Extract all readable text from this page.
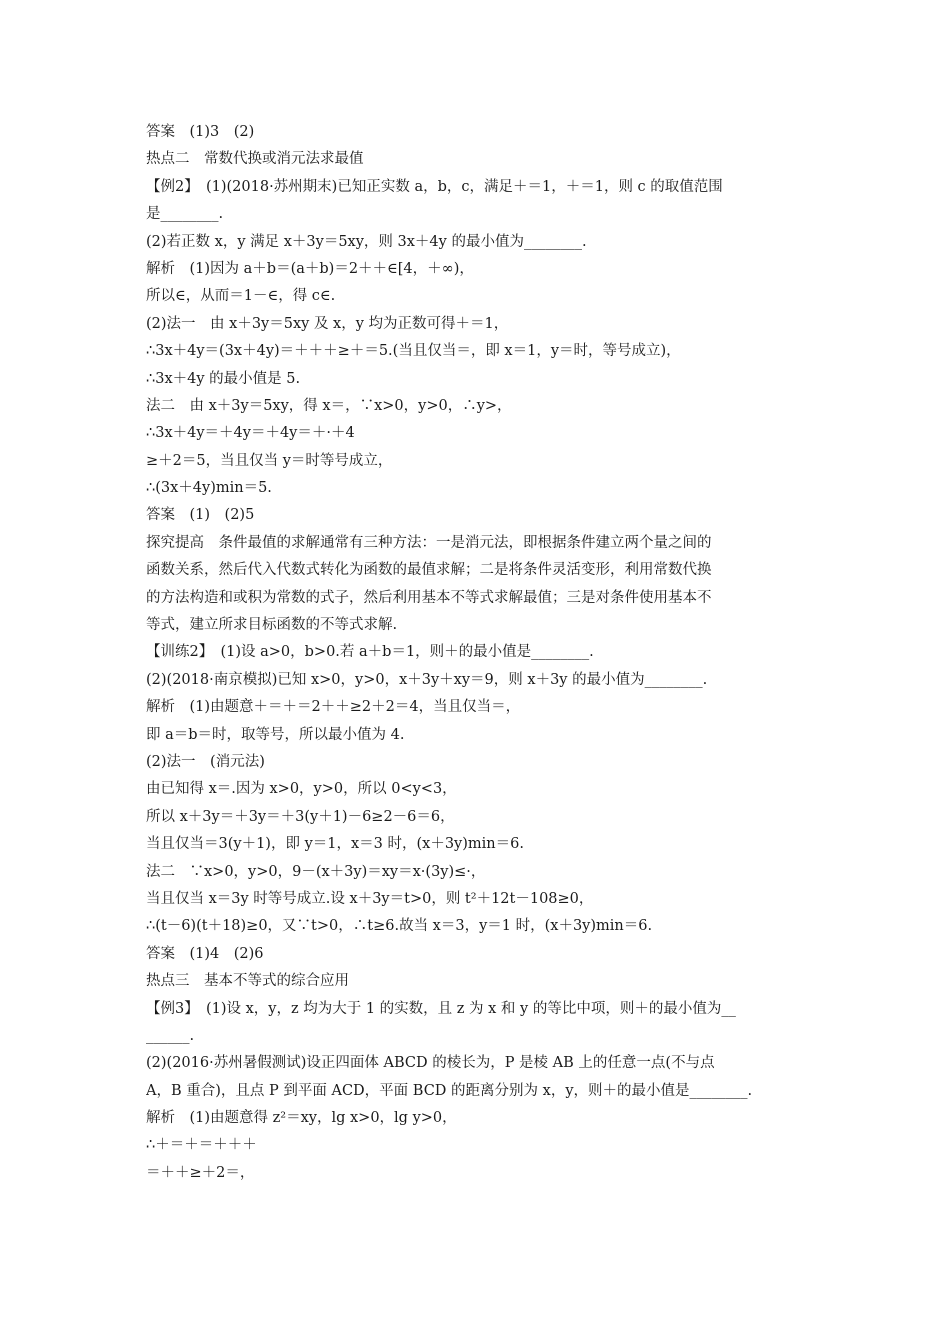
答案　(1)3　(2)
热点二　常数代换或消元法求最值
【例2】　(1)(2018·苏州期末)已知正实数 a，b，c，满足＋＝1，＋＝1，则 c 的取值范围
是________.
(2)若正数 x，y 满足 x＋3y＝5xy，则 3x＋4y 的最小值为________.
解析　(1)因为 a＋b＝(a＋b)＝2＋＋∈[4，＋∞)，
所以∈，从而＝1－∈，得 c∈.
(2)法一　由 x＋3y＝5xy 及 x，y 均为正数可得＋＝1，
∴3x＋4y＝(3x＋4y)＝＋＋＋≥＋＝5.(当且仅当＝，即 x＝1，y＝时，等号成立)，
∴3x＋4y 的最小值是 5.
法二　由 x＋3y＝5xy，得 x＝，∵x>0，y>0，∴y>，
∴3x＋4y＝＋4y＝＋4y＝＋·＋4
≥＋2＝5，当且仅当 y＝时等号成立，
∴(3x＋4y)min＝5.
答案　(1)　(2)5
探究提高　条件最值的求解通常有三种方法：一是消元法，即根据条件建立两个量之间的
函数关系，然后代入代数式转化为函数的最值求解；二是将条件灵活变形，利用常数代换
的方法构造和或积为常数的式子，然后利用基本不等式求解最值；三是对条件使用基本不
等式，建立所求目标函数的不等式求解.
【训练2】　(1)设 a>0，b>0.若 a＋b＝1，则＋的最小值是________.
(2)(2018·南京模拟)已知 x>0，y>0，x＋3y＋xy＝9，则 x＋3y 的最小值为________.
解析　(1)由题意＋＝＋＝2＋＋≥2＋2＝4，当且仅当＝，
即 a＝b＝时，取等号，所以最小值为 4.
(2)法一　(消元法)
由已知得 x＝.因为 x>0，y>0，所以 0<y<3，
所以 x＋3y＝＋3y＝＋3(y＋1)－6≥2－6＝6，
当且仅当＝3(y＋1)，即 y＝1，x＝3 时，(x＋3y)min＝6.
法二　∵x>0，y>0，9－(x＋3y)＝xy＝x·(3y)≤·，
当且仅当 x＝3y 时等号成立.设 x＋3y＝t>0，则 t²＋12t－108≥0，
∴(t－6)(t＋18)≥0，又∵t>0，∴t≥6.故当 x＝3，y＝1 时，(x＋3y)min＝6.
答案　(1)4　(2)6
热点三　基本不等式的综合应用
【例3】　(1)设 x，y，z 均为大于 1 的实数，且 z 为 x 和 y 的等比中项，则＋的最小值为__
______.
(2)(2016·苏州暑假测试)设正四面体 ABCD 的棱长为，P 是棱 AB 上的任意一点(不与点
A，B 重合)，且点 P 到平面 ACD，平面 BCD 的距离分别为 x，y，则＋的最小值是________.
解析　(1)由题意得 z²＝xy，lg x>0，lg y>0，
∴＋＝＋＝＋＋＋
＝＋＋≥＋2＝，
